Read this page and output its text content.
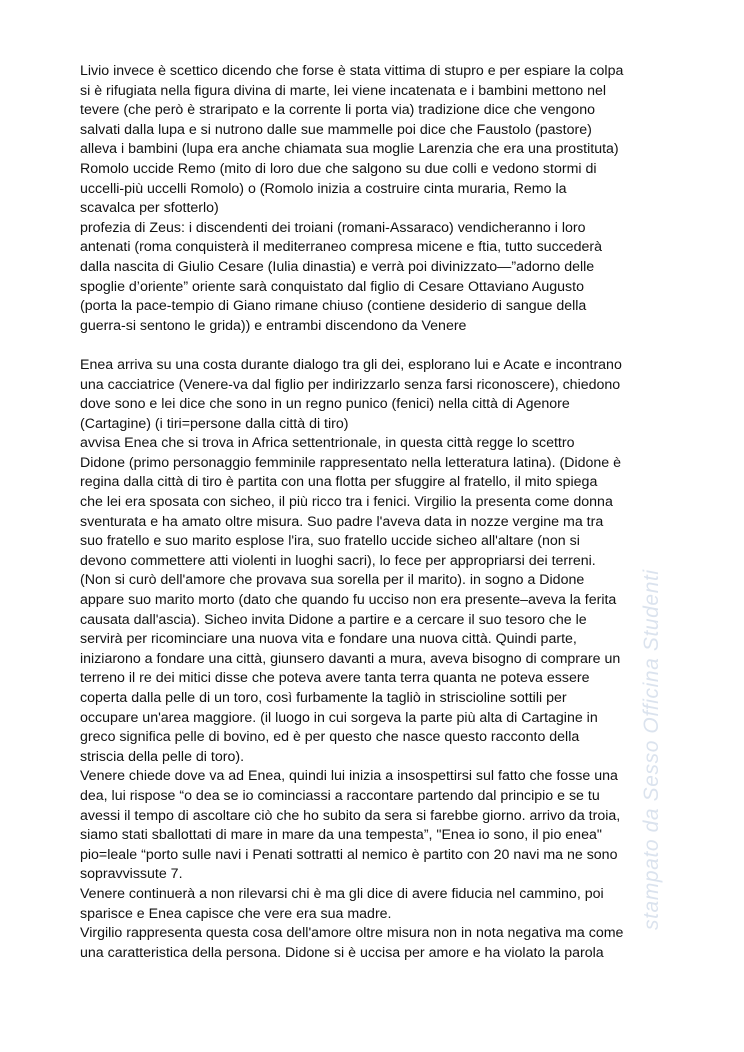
Livio invece è scettico dicendo che forse è stata vittima di stupro e per espiare la colpa
si è rifugiata nella figura divina di marte, lei viene incatenata e i bambini mettono nel
tevere (che però è straripato e la corrente li porta via) tradizione dice che vengono
salvati dalla lupa e si nutrono dalle sue mammelle poi dice che Faustolo (pastore)
alleva i bambini (lupa era anche chiamata sua moglie Larenzia che era una prostituta)
Romolo uccide Remo (mito di loro due che salgono su due colli e vedono stormi di
uccelli-più uccelli Romolo) o (Romolo inizia a costruire cinta muraria, Remo la
scavalca per sfotterlo)
profezia di Zeus: i discendenti dei troiani (romani-Assaraco) vendicheranno i loro
antenati (roma conquisterà il mediterraneo compresa micene e ftia, tutto succederà
dalla nascita di Giulio Cesare (Iulia dinastia) e verrà poi divinizzato—”adorno delle
spoglie d’oriente” oriente sarà conquistato dal figlio di Cesare Ottaviano Augusto
(porta la pace-tempio di Giano rimane chiuso (contiene desiderio di sangue della
guerra-si sentono le grida)) e entrambi discendono da Venere
Enea arriva su una costa durante dialogo tra gli dei, esplorano lui e Acate e incontrano
una cacciatrice (Venere-va dal figlio per indirizzarlo senza farsi riconoscere), chiedono
dove sono e lei dice che sono in un regno punico (fenici) nella città di Agenore
(Cartagine) (i tiri=persone dalla città di tiro)
avvisa Enea che si trova in Africa settentrionale, in questa città regge lo scettro
Didone (primo personaggio femminile rappresentato nella letteratura latina). (Didone è
regina dalla città di tiro è partita con una flotta per sfuggire al fratello, il mito spiega
che lei era sposata con sicheo, il più ricco tra i fenici. Virgilio la presenta come donna
sventurata e ha amato oltre misura. Suo padre l'aveva data in nozze vergine ma tra
suo fratello e suo marito esplose l'ira, suo fratello uccide sicheo all'altare (non si
devono commettere atti violenti in luoghi sacri), lo fece per appropriarsi dei terreni.
(Non si curò dell'amore che provava sua sorella per il marito). in sogno a Didone
appare suo marito morto (dato che quando fu ucciso non era presente–aveva la ferita
causata dall'ascia). Sicheo invita Didone a partire e a cercare il suo tesoro che le
servirà per ricominciare una nuova vita e fondare una nuova città. Quindi parte,
iniziarono a fondare una città, giunsero davanti a mura, aveva bisogno di comprare un
terreno il re dei mitici disse che poteva avere tanta terra quanta ne poteva essere
coperta dalla pelle di un toro, così furbamente la tagliò in striscioline sottili per
occupare un'area maggiore. (il luogo in cui sorgeva la parte più alta di Cartagine in
greco significa pelle di bovino, ed è per questo che nasce questo racconto della
striscia della pelle di toro).
Venere chiede dove va ad Enea, quindi lui inizia a insospettirsi sul fatto che fosse una
dea, lui rispose “o dea se io cominciassi a raccontare partendo dal principio e se tu
avessi il tempo di ascoltare ciò che ho subito da sera si farebbe giorno. arrivo da troia,
siamo stati sballottati di mare in mare da una tempesta”, "Enea io sono, il pio enea"
pio=leale “porto sulle navi i Penati sottratti al nemico è partito con 20 navi ma ne sono
sopravvissute 7.
Venere continuerà a non rilevarsi chi è ma gli dice di avere fiducia nel cammino, poi
sparisce e Enea capisce che vere era sua madre.
Virgilio rappresenta questa cosa dell'amore oltre misura non in nota negativa ma come
una caratteristica della persona. Didone si è uccisa per amore e ha violato la parola
stampato da Sesso Officina Studenti
